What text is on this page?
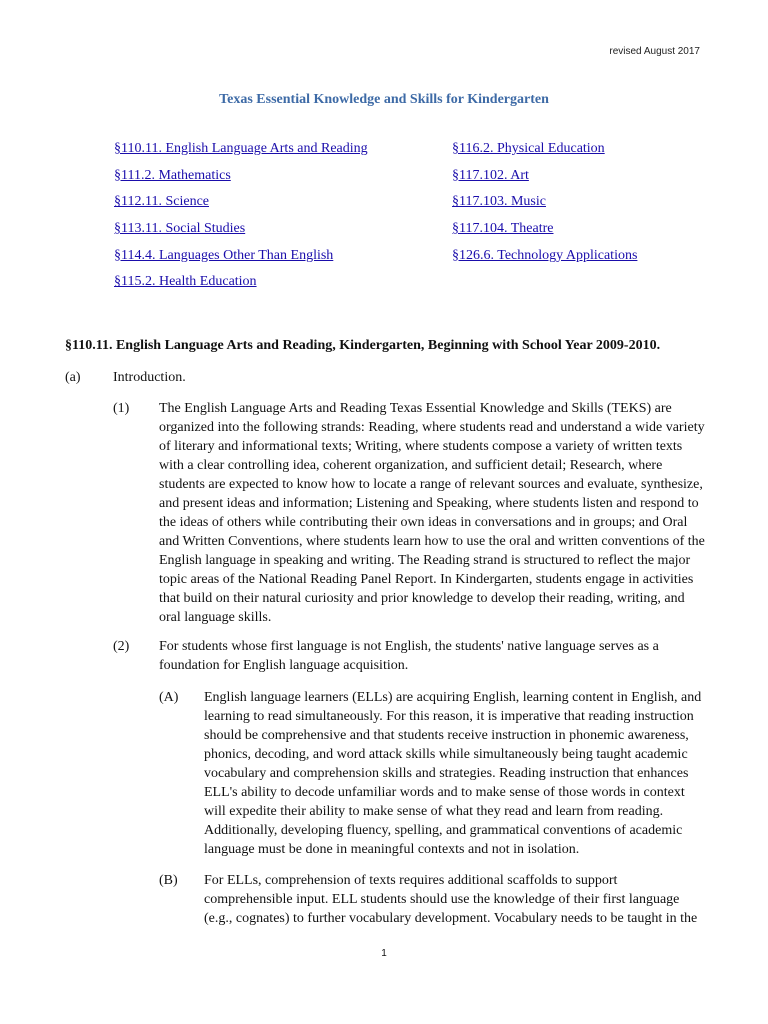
revised August 2017
Texas Essential Knowledge and Skills for Kindergarten
§110.11. English Language Arts and Reading
§111.2. Mathematics
§112.11. Science
§113.11. Social Studies
§114.4. Languages Other Than English
§115.2. Health Education
§116.2. Physical Education
§117.102. Art
§117.103. Music
§117.104. Theatre
§126.6. Technology Applications
§110.11. English Language Arts and Reading, Kindergarten, Beginning with School Year 2009-2010.
(a) Introduction.
(1) The English Language Arts and Reading Texas Essential Knowledge and Skills (TEKS) are organized into the following strands: Reading, where students read and understand a wide variety of literary and informational texts; Writing, where students compose a variety of written texts with a clear controlling idea, coherent organization, and sufficient detail; Research, where students are expected to know how to locate a range of relevant sources and evaluate, synthesize, and present ideas and information; Listening and Speaking, where students listen and respond to the ideas of others while contributing their own ideas in conversations and in groups; and Oral and Written Conventions, where students learn how to use the oral and written conventions of the English language in speaking and writing. The Reading strand is structured to reflect the major topic areas of the National Reading Panel Report. In Kindergarten, students engage in activities that build on their natural curiosity and prior knowledge to develop their reading, writing, and oral language skills.
(2) For students whose first language is not English, the students' native language serves as a foundation for English language acquisition.
(A) English language learners (ELLs) are acquiring English, learning content in English, and learning to read simultaneously. For this reason, it is imperative that reading instruction should be comprehensive and that students receive instruction in phonemic awareness, phonics, decoding, and word attack skills while simultaneously being taught academic vocabulary and comprehension skills and strategies. Reading instruction that enhances ELL's ability to decode unfamiliar words and to make sense of those words in context will expedite their ability to make sense of what they read and learn from reading. Additionally, developing fluency, spelling, and grammatical conventions of academic language must be done in meaningful contexts and not in isolation.
(B) For ELLs, comprehension of texts requires additional scaffolds to support comprehensible input. ELL students should use the knowledge of their first language (e.g., cognates) to further vocabulary development. Vocabulary needs to be taught in the
1
